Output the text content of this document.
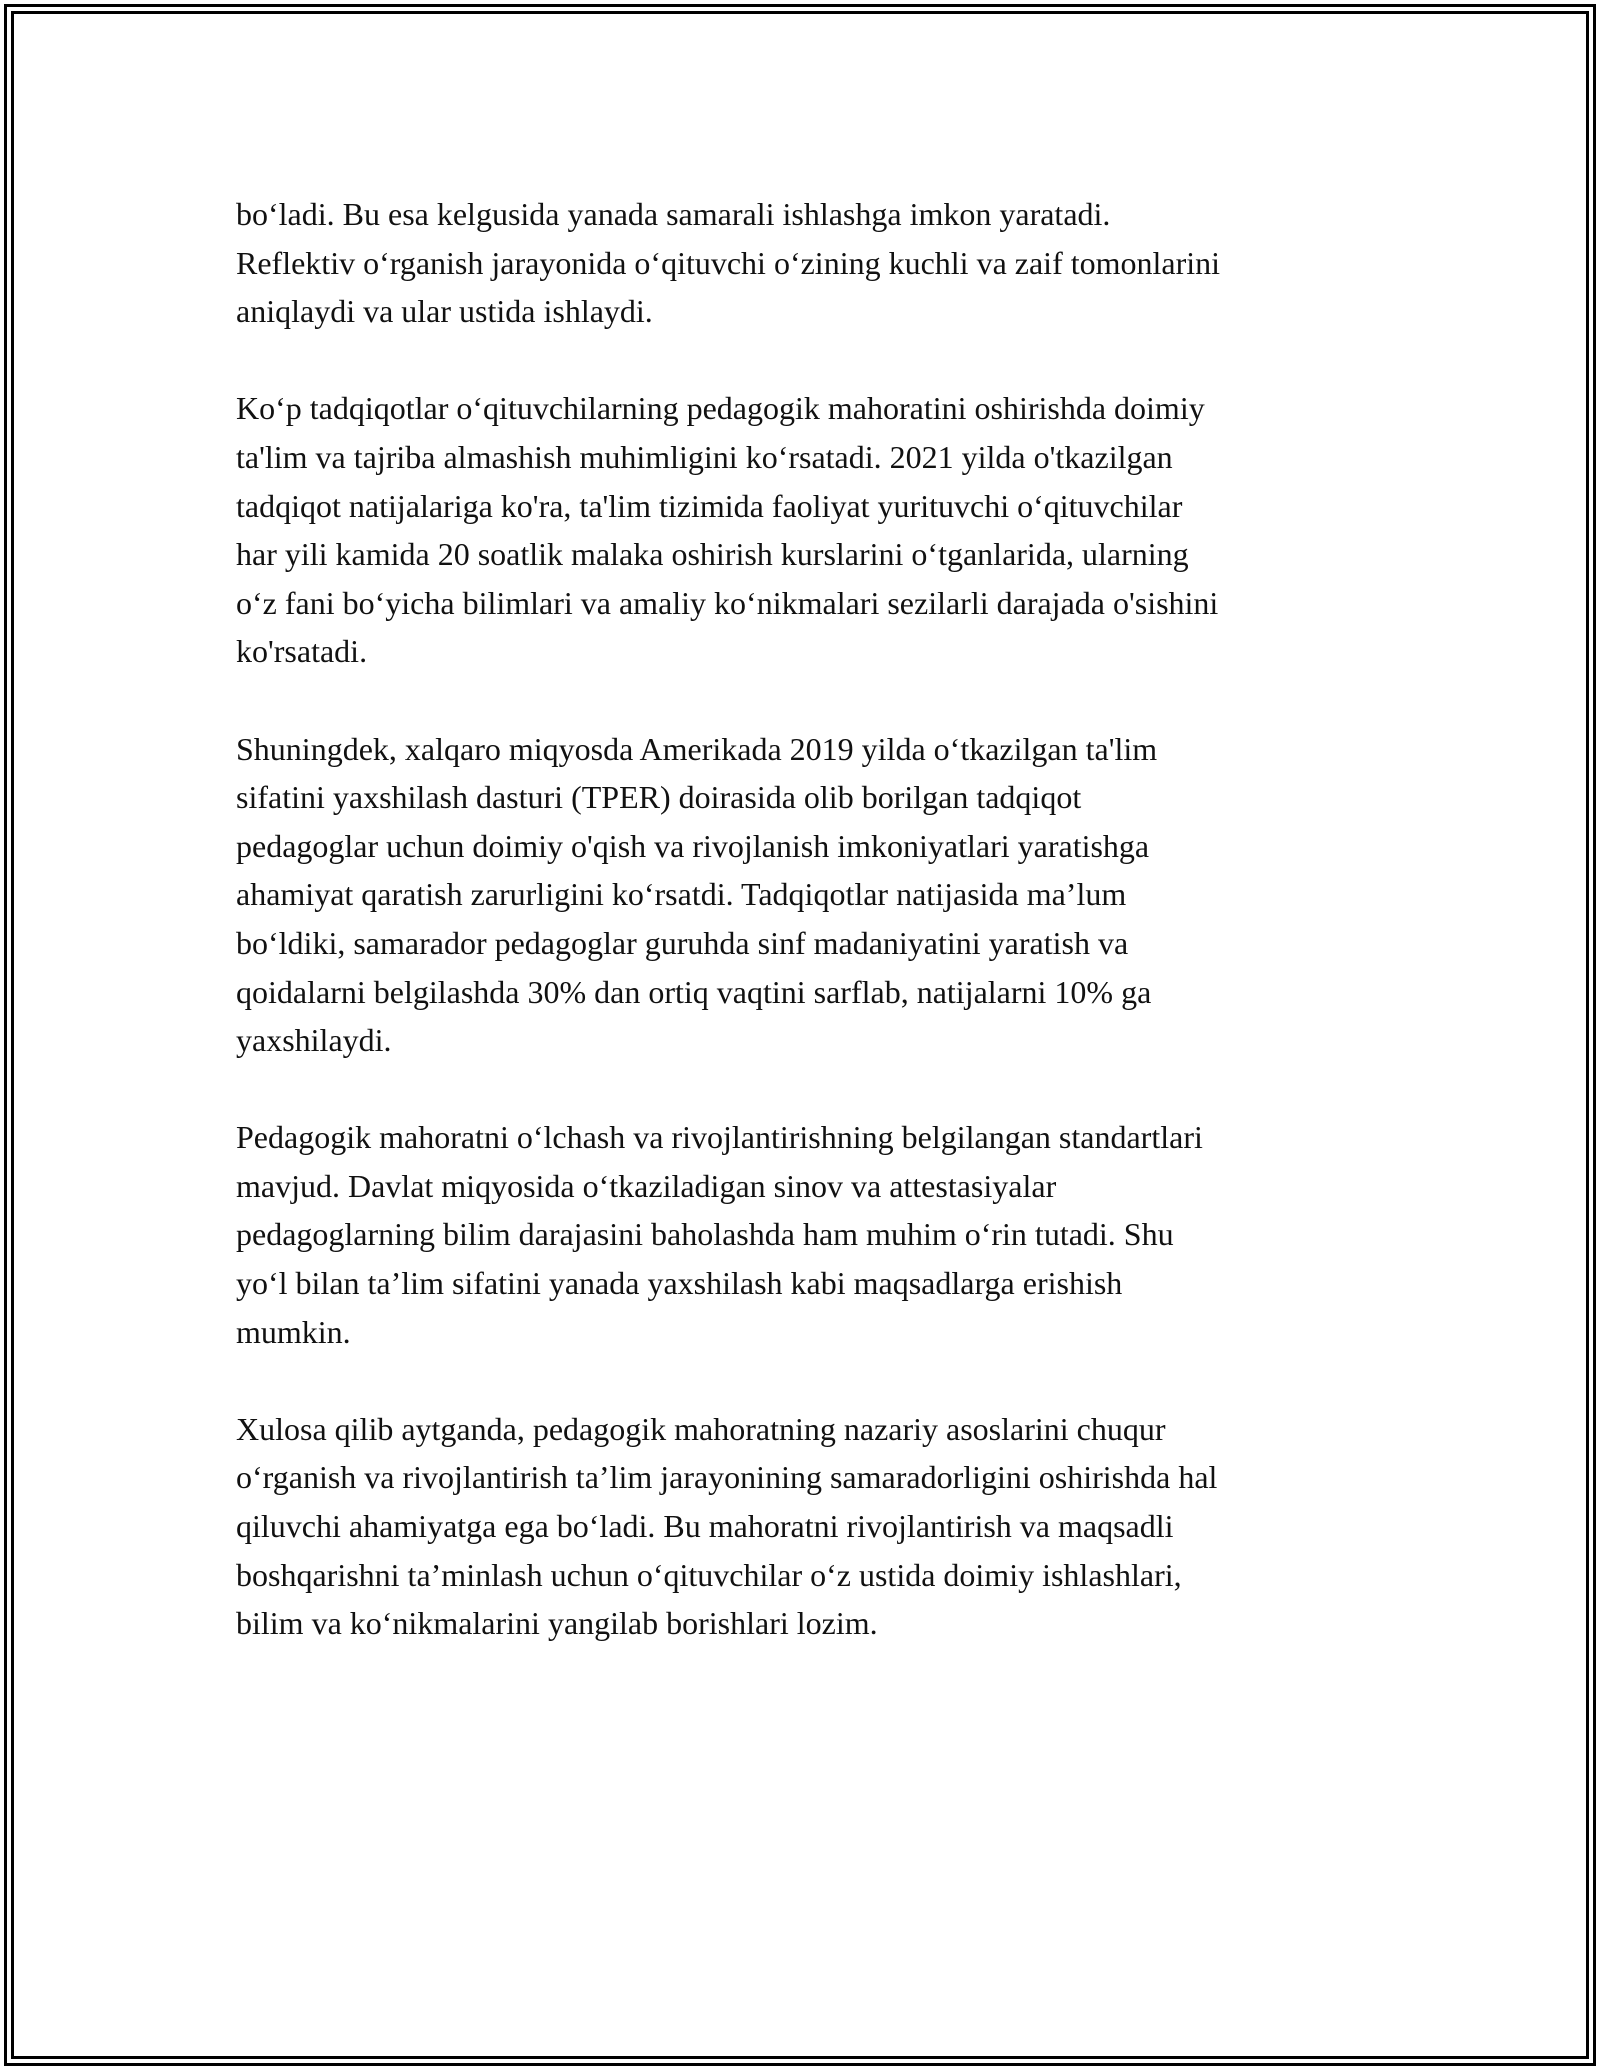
bo‘ladi. Bu esa kelgusida yanada samarali ishlashga imkon yaratadi.
Reflektiv o‘rganish jarayonida o‘qituvchi o‘zining kuchli va zaif tomonlarini
aniqlaydi va ular ustida ishlaydi.

Ko‘p tadqiqotlar o‘qituvchilarning pedagogik mahoratini oshirishda doimiy
ta'lim va tajriba almashish muhimligini ko‘rsatadi. 2021 yilda o'tkazilgan
tadqiqot natijalariga ko'ra, ta'lim tizimida faoliyat yurituvchi o‘qituvchilar
har yili kamida 20 soatlik malaka oshirish kurslarini o‘tganlarida, ularning
o‘z fani bo‘yicha bilimlari va amaliy ko‘nikmalari sezilarli darajada o'sishini
ko'rsatadi.

Shuningdek, xalqaro miqyosda Amerikada 2019 yilda o‘tkazilgan ta'lim
sifatini yaxshilash dasturi (TPER) doirasida olib borilgan tadqiqot
pedagoglar uchun doimiy o'qish va rivojlanish imkoniyatlari yaratishga
ahamiyat qaratish zarurligini ko‘rsatdi. Tadqiqotlar natijasida ma’lum
bo‘ldiki, samarador pedagoglar guruhda sinf madaniyatini yaratish va
qoidalarni belgilashda 30% dan ortiq vaqtini sarflab, natijalarni 10% ga
yaxshilaydi.

Pedagogik mahoratni o‘lchash va rivojlantirishning belgilangan standartlari
mavjud. Davlat miqyosida o‘tkaziladigan sinov va attestasiyalar
pedagoglarning bilim darajasini baholashda ham muhim o‘rin tutadi. Shu
yo‘l bilan ta’lim sifatini yanada yaxshilash kabi maqsadlarga erishish
mumkin.

Xulosa qilib aytganda, pedagogik mahoratning nazariy asoslarini chuqur
o‘rganish va rivojlantirish ta’lim jarayonining samaradorligini oshirishda hal
qiluvchi ahamiyatga ega bo‘ladi. Bu mahoratni rivojlantirish va maqsadli
boshqarishni ta’minlash uchun o‘qituvchilar o‘z ustida doimiy ishlashlari,
bilim va ko‘nikmalarini yangilab borishlari lozim.
